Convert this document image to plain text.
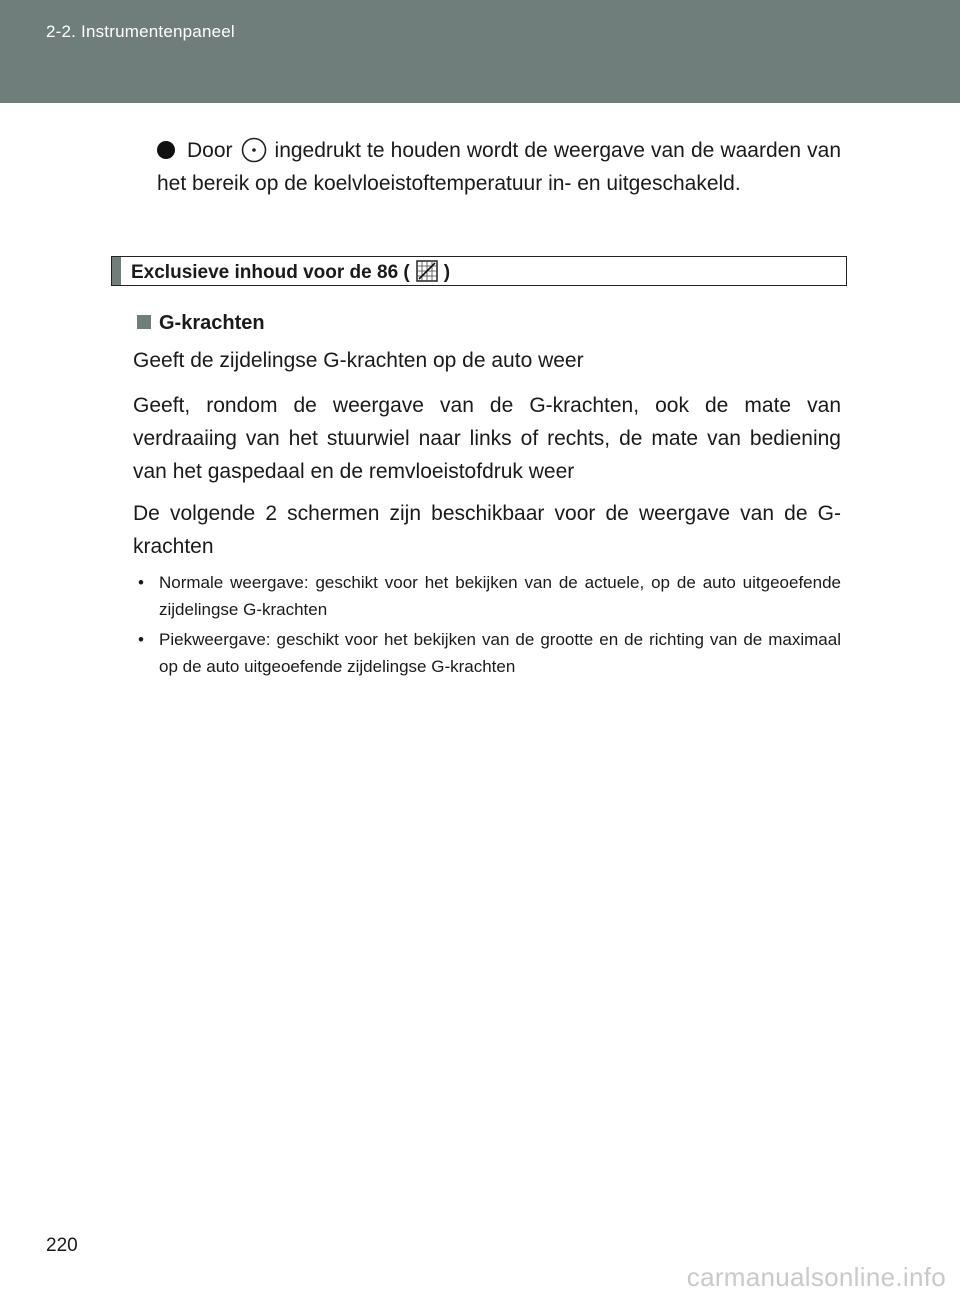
2-2. Instrumentenpaneel
Door ingedrukt te houden wordt de weergave van de waarden van het bereik op de koelvloeistoftemperatuur in- en uitgeschakeld.
Exclusieve inhoud voor de 86 ( )
G-krachten
Geeft de zijdelingse G-krachten op de auto weer
Geeft, rondom de weergave van de G-krachten, ook de mate van verdraaiing van het stuurwiel naar links of rechts, de mate van bediening van het gaspedaal en de remvloeistofdruk weer
De volgende 2 schermen zijn beschikbaar voor de weergave van de G-krachten
• Normale weergave: geschikt voor het bekijken van de actuele, op de auto uitgeoefende zijdelingse G-krachten
• Piekweergave: geschikt voor het bekijken van de grootte en de richting van de maximaal op de auto uitgeoefende zijdelingse G-krachten
220
carmanualsonline.info
